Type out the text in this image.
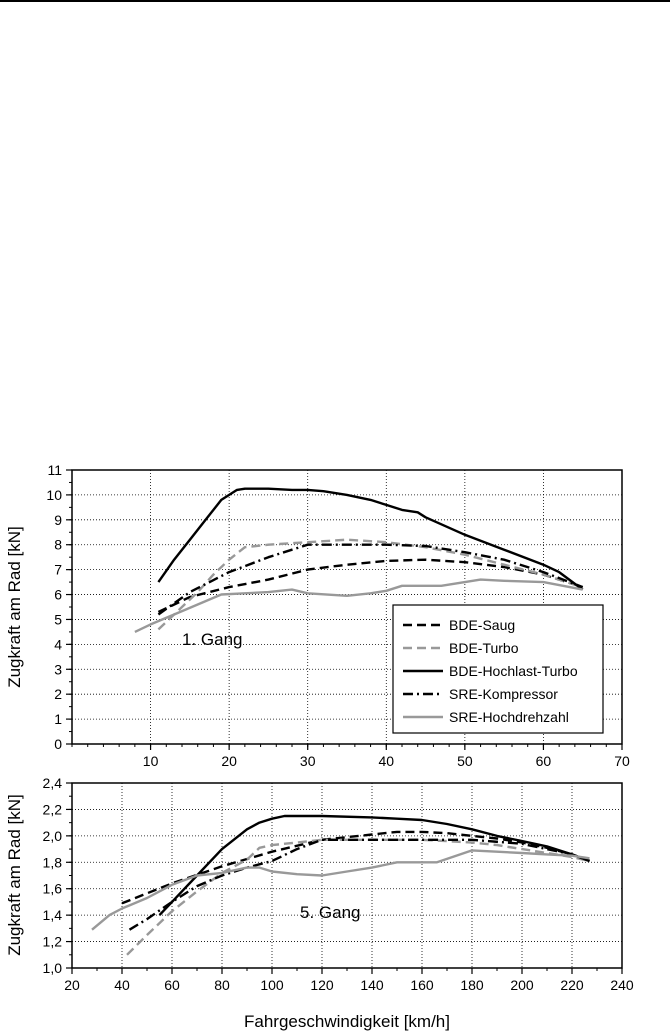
10	20	30	40	50	60	70
0
1
2
3
4
5
6
7
8
9
10
11
Zugkraft am Rad [kN]	1. Gang
BDE-Saug
BDE-Turbo
BDE-Hochlast-Turbo
SRE-Kompressor
SRE-Hochdrehzahl
20 40 60 80 100 120 140 160 180 200 220 240
1,0
1,2
1,4
1,6
1,8
2,0
2,2
2,4
Zugkraft am Rad [kN]	5. Gang
Fahrgeschwindigkeit [km/h]
